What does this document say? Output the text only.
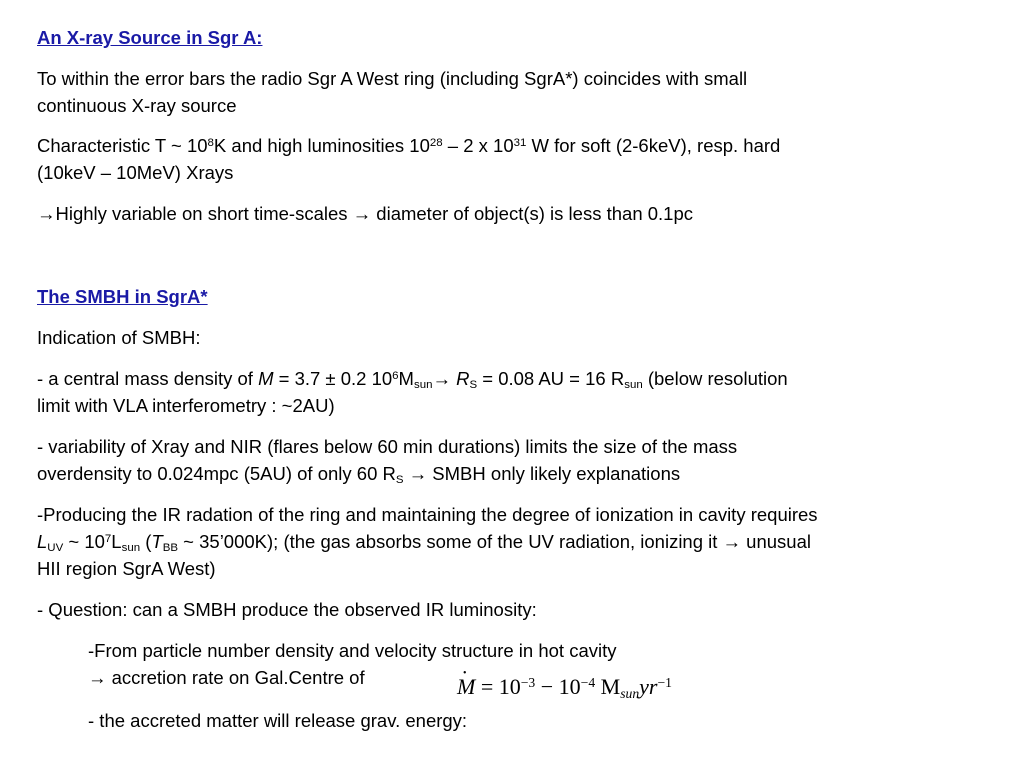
An X-ray Source in Sgr A:

To within the error bars the radio Sgr A West ring (including SgrA*) coincides with small

continuous X-ray source

Characteristic T ~ $10^8K$ and high luminosities $10^{28} - 2$ x $10^{31}$ W for soft (2-6keV), resp. hard

(10keV – 10MeV) Xrays

→Highly variable on short time-scales → diameter of object(s) is less than 0.1pc

The SMBH in SgrA*

Indication of SMBH:

- a central mass density of M = 3.7 ± 0.2 $10^6M_{sun}\to R_S = 0.08$ AU = 16 $R_{sun}$ (below resolution

limit with VLA interferometry : ~2AU)

- variability of Xray and NIR (flares below 60 min durations) limits the size of the mass

overdensity to 0.024mpc (5AU) of only 60 $R_S$ → SMBH only likely explanations

-Producing the IR radation of the ring and maintaining the degree of ionization in cavity requires

$L_{UV}$ ~ $10^7L_{sun}$ ($T_{BB}$ ~ 35’000K); (the gas absorbs some of the UV radiation, ionizing it → unusual

HII region SgrA West)

- Question: can a SMBH produce the observed IR luminosity:

-From particle number density and velocity structure in hot cavity

→ accretion rate on Gal.Centre of

•	$M = 10^{-3} - 10^{-4}$ $M_{sun}yr^{-1}$

- the accreted matter will release grav. energy:
